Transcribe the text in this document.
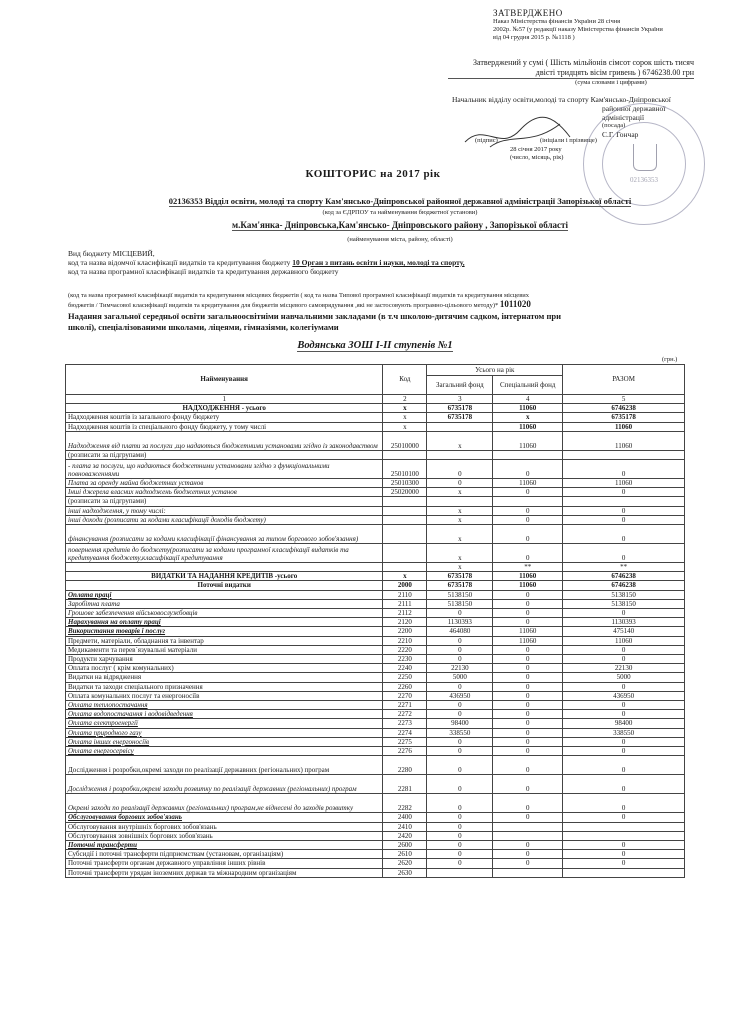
ЗАТВЕРДЖЕНО
Наказ Міністерства фінансів України 28 січня
2002р. №57 (у редакції наказу Міністерства фінансів України
від 04 грудня 2015 р. №1118 )
Затверджений у сумі ( Шість мільйонів сімсот сорок шість тисяч
двісті тридцять вісім гривень ) 6746238.00 грн
(сума словами і цифрами)
Начальник відділу освіти,молоді та спорту Кам'янсько-Дніпровської
районної державної адміністрації
(посада)
С.Г. Гончар
(підпис)	(ініціали і прізвище)
28 січня 2017 року
(число, місяць, рік)
02136353
КОШТОРИС на 2017 рік
02136353 Відділ освіти, молоді та спорту Кам'янсько-Дніпровської районної державної адміністрації Запорізької області
(код за ЄДРПОУ та найменування бюджетної установи)
м.Кам'янка- Дніпровська,Кам'янсько- Дніпровського району , Запорізької області
(найменування міста, району, області)
Вид бюджету МІСЦЕВИЙ,
код та назва відомчої класифікації видатків та кредитування бюджету 10 Орган з питань освіти і науки, молоді та спорту,
код та назва програмної класифікації видатків та кредитування державного бюджету
(код та назва програмної класифікації видатків та кредитування місцевих бюджетів ( код та назва Типової програмної класифікації видатків та кредитування місцевих
бюджетів / Тимчасової класифікації видатків та кредитування для бюджетів місцевого самоврядування ,які не застосовують програмно-цільового методу)* 1011020
Надання загальної середньої освіти загальноосвітніми навчальними закладами (в т.ч школою-дитячим садком, інтернатом при
школі), спеціалізованими школами, ліцеями, гімназіями, колегіумами
Водянська ЗОШ І-ІІ ступенів №1
(грн.)
Найменування	Код	Усього на рік		РАЗОМ
		Загальний фонд	Спеціальний фонд	
1	2	3	4	5
НАДХОДЖЕННЯ - усього	x	6735178	11060	6746238
Надходження коштів із загального фонду бюджету	x	6735178	x	6735178
Надходження коштів із спеціального фонду бюджету, у тому числі	x		11060	11060
Надходження від плати за послуги ,що надаються бюджетними установами згідно із законодавством	25010000	x	11060	11060
(розписати за підгрупами)				
- плата за послуги, що надаються бюджетними установами згідно з функціональними повноваженнями	25010100	0	0	0
Плата за оренду майна бюджетних установ	25010300	0	11060	11060
Інші джерела власних надходжень бюджетних установ	25020000	x	0	0
(розписати за підгрупами)				
інші надходження, у тому числі:		x	0	0
інші доходи (розписати за кодами класифікації доходів бюджету)		x	0	0
фінансування (розписати за кодами класифікації фінансування за типом боргового зобов'язання)		x	0	0
повернення кредитів до бюджету(розписати за кодами програмної класифікації видатків та кредитування бюджету,класифікації кредитування		x	0	0
		x	**	**
ВИДАТКИ ТА НАДАННЯ КРЕДИТІВ -усього	x	6735178	11060	6746238
Поточні видатки	2000	6735178	11060	6746238
Оплата праці	2110	5138150	0	5138150
Заробітна плата	2111	5138150	0	5138150
Грошове забезпечення військовослужбовців	2112	0	0	0
Нарахування на оплату праці	2120	1130393	0	1130393
Використання товарів і послуг	2200	464080	11060	475140
Предмети, матеріали, обладнання та інвентар	2210	0	11060	11060
Медикаменти та перев`язувальні матеріали	2220	0	0	0
Продукти харчування	2230	0	0	0
Оплата послуг ( крім комунальних)	2240	22130	0	22130
Видатки на відрядження	2250	5000	0	5000
Видатки та заходи спеціального призначення	2260	0	0	0
Оплата комунальних послуг та енергоносіїв	2270	436950	0	436950
Оплата теплопостачання	2271	0	0	0
Оплата водопостачання і водовідведення	2272	0	0	0
Оплата електроенергії	2273	98400	0	98400
Оплата природного газу	2274	338550	0	338550
Оплата інших енергоносіїв	2275	0	0	0
Оплата енергосервісу	2276	0	0	0
Дослідження і розробки,окремі заходи по реалізації державних (регіональних) програм	2280	0	0	0
Дослідження і розробки,окремі заходи розвитку по реалізації державних (регіональних) програм	2281	0	0	0
Окремі заходи по реалізації державних (регіональних) програм,не віднесені до заходів розвитку	2282	0	0	0
Обслуговування боргових зобов'язань	2400	0	0	0
Обслуговування внутрішніх боргових зобов'язань	2410	0		
Обслуговування зовнішніх боргових зобов'язань	2420	0		
Поточні трансферти	2600	0	0	0
Субсидії і поточні трансферти підприємствам (установам, організаціям)	2610	0	0	0
Поточні трансферти органам державного управління інших рівнів	2620	0	0	0
Поточні трансферти урядам іноземних держав та міжнародним організаціям	2630			
